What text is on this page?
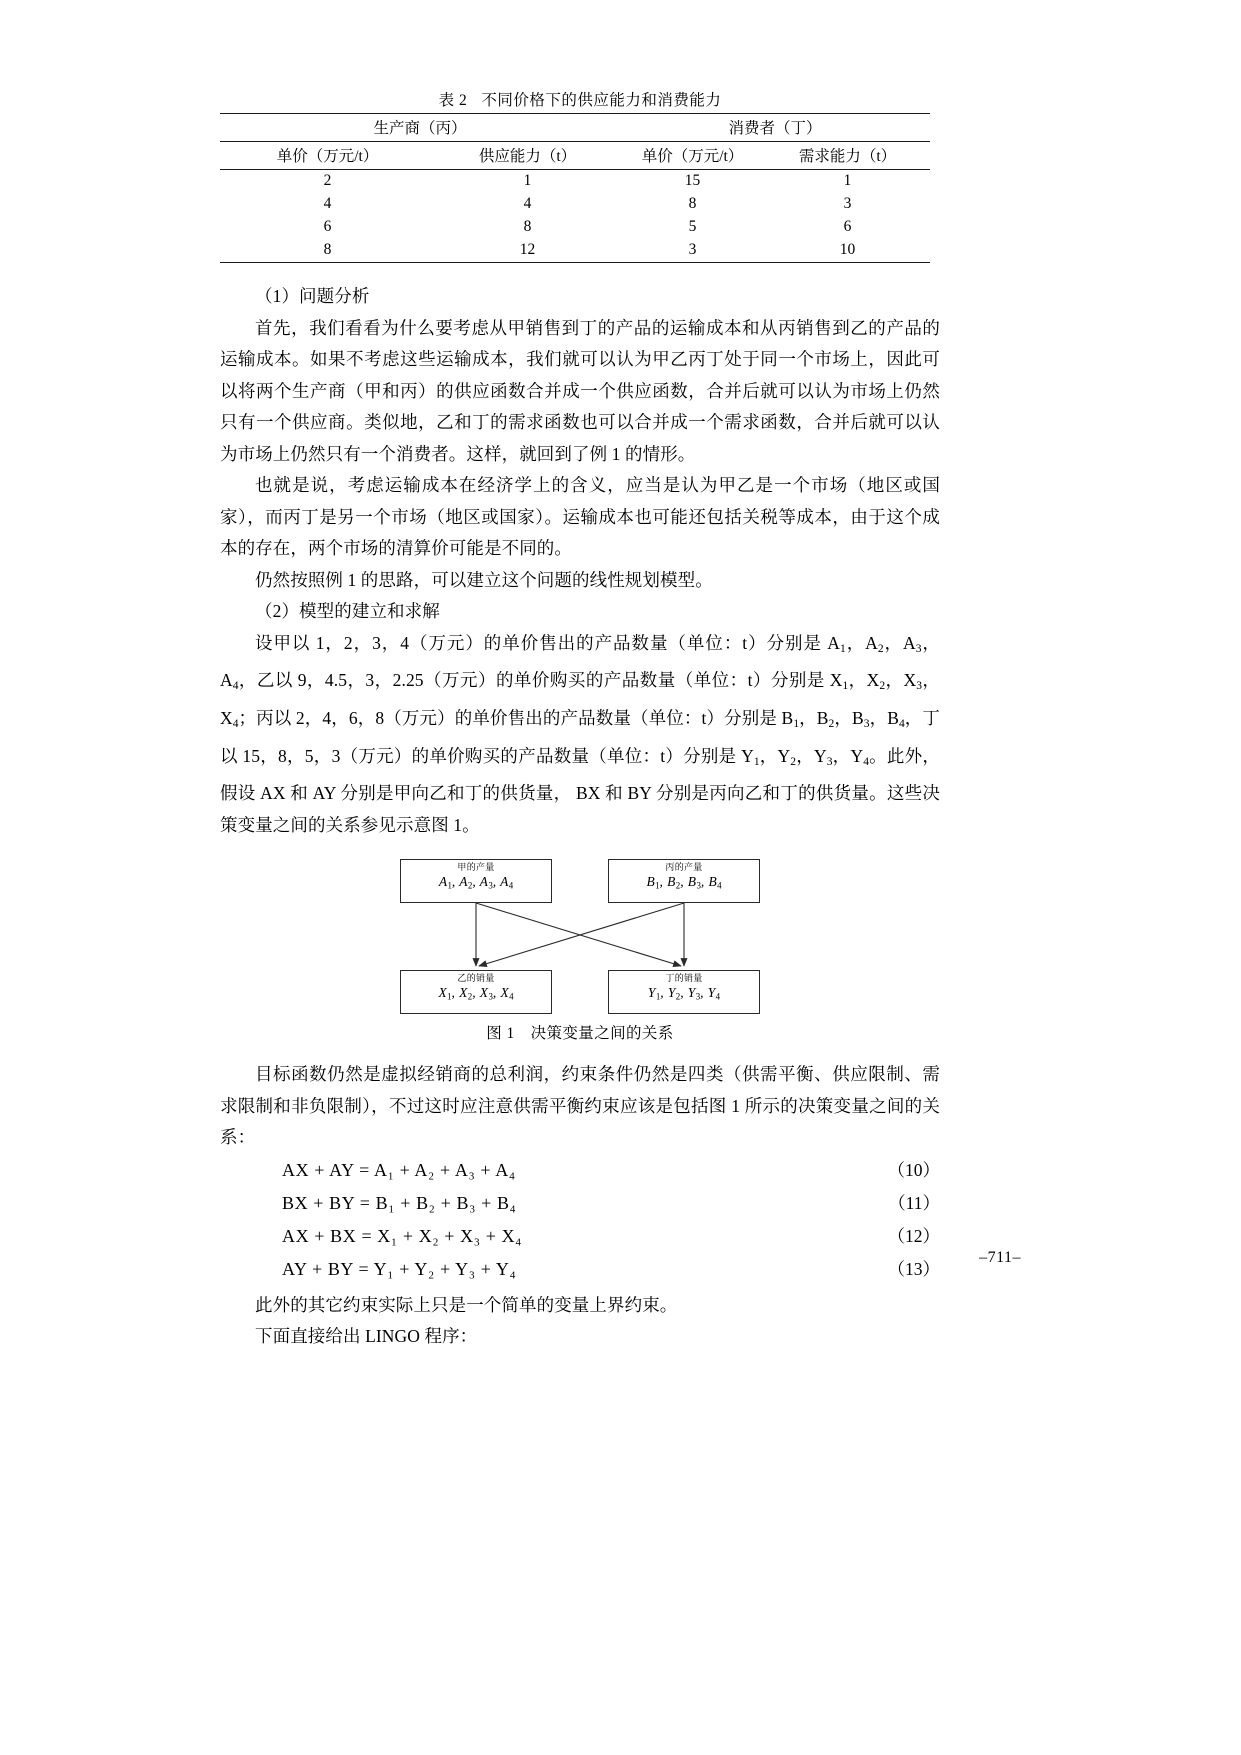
表 2 不同价格下的供应能力和消费能力
生产商（丙）		消费者（丁）	
单价（万元/t）	供应能力（t）	单价（万元/t）	需求能力（t）
2	1	15	1
4	4	8	3
6	8	5	6
8	12	3	10

（1）问题分析

首先，我们看看为什么要考虑从甲销售到丁的产品的运输成本和从丙销售到乙的产品的运输成本。如果不考虑这些运输成本，我们就可以认为甲乙丙丁处于同一个市场上，因此可以将两个生产商（甲和丙）的供应函数合并成一个供应函数，合并后就可以认为市场上仍然只有一个供应商。类似地，乙和丁的需求函数也可以合并成一个需求函数，合并后就可以认为市场上仍然只有一个消费者。这样，就回到了例 1 的情形。

也就是说，考虑运输成本在经济学上的含义，应当是认为甲乙是一个市场（地区或国家），而丙丁是另一个市场（地区或国家）。运输成本也可能还包括关税等成本，由于这个成本的存在，两个市场的清算价可能是不同的。

仍然按照例 1 的思路，可以建立这个问题的线性规划模型。

（2）模型的建立和求解

设甲以 1，2，3，4（万元）的单价售出的产品数量（单位：t）分别是 $A_1$，$A_2$，$A_3$，$A_4$，乙以 9，4.5，3，2.25（万元）的单价购买的产品数量（单位：t）分别是 $X_1$，$X_2$，$X_3$，$X_4$；丙以 2，4，6，8（万元）的单价售出的产品数量（单位：t）分别是 $B_1$，$B_2$，$B_3$，$B_4$，丁以 15，8，5，3（万元）的单价购买的产品数量（单位：t）分别是 $Y_1$，$Y_2$，$Y_3$，$Y_4$。此外，假设 AX 和 AY 分别是甲向乙和丁的供货量， BX 和 BY 分别是丙向乙和丁的供货量。这些决策变量之间的关系参见示意图 1。

甲的产量
$A_1$, $A_2$, $A_3$, $A_4$
丙的产量
$B_1$, $B_2$, $B_3$, $B_4$
乙的销量
$X_1$, $X_2$, $X_3$, $X_4$
丁的销量
$Y_1$, $Y_2$, $Y_3$, $Y_4$
图 1 决策变量之间的关系

目标函数仍然是虚拟经销商的总利润，约束条件仍然是四类（供需平衡、供应限制、需求限制和非负限制），不过这时应注意供需平衡约束应该是包括图 1 所示的决策变量之间的关系：

AX + AY = A₁ + A₂ + A₃ + A₄	（10）
BX + BY = B₁ + B₂ + B₃ + B₄	（11）
AX + BX = X₁ + X₂ + X₃ + X₄	（12）
AY + BY = Y₁ + Y₂ + Y₃ + Y₄	（13）

此外的其它约束实际上只是一个简单的变量上界约束。

下面直接给出 LINGO 程序：

–711–
